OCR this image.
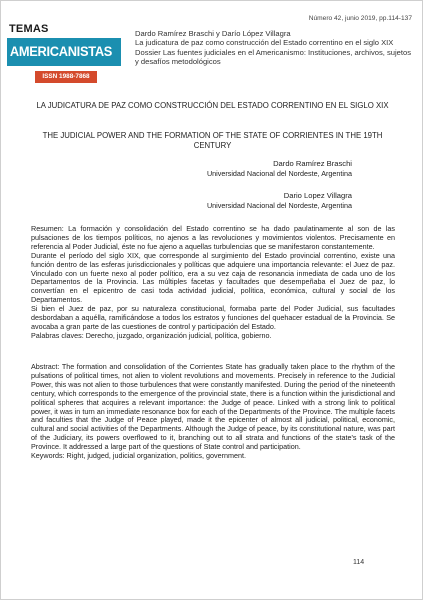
TEMAS
AMERICANISTAS
ISSN 1988-7868
Número 42, junio 2019, pp.114-137
Dardo Ramírez Braschi y Darío López Villagra
La judicatura de paz como construcción del Estado correntino en el siglo XIX
Dossier Las fuentes judiciales en el Americanismo: Instituciones, archivos, sujetos y desafíos metodológicos
LA JUDICATURA DE PAZ COMO CONSTRUCCIÓN DEL ESTADO CORRENTINO EN EL SIGLO XIX
THE JUDICIAL POWER AND THE FORMATION OF THE STATE OF CORRIENTES IN THE 19TH CENTURY
Dardo Ramírez Braschi
Universidad Nacional del Nordeste, Argentina
Dario Lopez Villagra
Universidad Nacional del Nordeste, Argentina

Resumen: La formación y consolidación del Estado correntino se ha dado paulatinamente al son de las pulsaciones de los tiempos políticos, no ajenos a las revoluciones y movimientos violentos. Precisamente en referencia al Poder Judicial, éste no fue ajeno a aquellas turbulencias que se manifestaron constantemente.

Durante el período del siglo XIX, que corresponde al surgimiento del Estado provincial correntino, existe una función dentro de las esferas jurisdiccionales y políticas que adquiere una importancia relevante: el Juez de paz. Vinculado con un fuerte nexo al poder político, era a su vez caja de resonancia inmediata de cada uno de los Departamentos de la Provincia. Las múltiples facetas y facultades que desempeñaba el Juez de paz, lo convertían en el epicentro de casi toda actividad judicial, política, económica, cultural y social de los Departamentos.

Si bien el Juez de paz, por su naturaleza constitucional, formaba parte del Poder Judicial, sus facultades desbordaban a aquélla, ramificándose a todos los estratos y funciones del quehacer estadual de la Provincia. Se avocaba a gran parte de las cuestiones de control y participación del Estado.

Palabras claves: Derecho, juzgado, organización judicial, política, gobierno.

Abstract: The formation and consolidation of the Corrientes State has gradually taken place to the rhythm of the pulsations of political times, not alien to violent revolutions and movements. Precisely in reference to the Judicial Power, this was not alien to those turbulences that were constantly manifested. During the period of the nineteenth century, which corresponds to the emergence of the provincial state, there is a function within the jurisdictional and political spheres that acquires a relevant importance: the Judge of peace. Linked with a strong link to political power, it was in turn an immediate resonance box for each of the Departments of the Province. The multiple facets and faculties that the Judge of Peace played, made it the epicenter of almost all judicial, political, economic, cultural and social activities of the Departments. Although the Judge of peace, by its constitutional nature, was part of the Judiciary, its powers overflowed to it, branching out to all strata and functions of the state's task of the Province. It addressed a large part of the questions of State control and participation.

Keywords: Right, judged, judicial organization, politics, government.

114
